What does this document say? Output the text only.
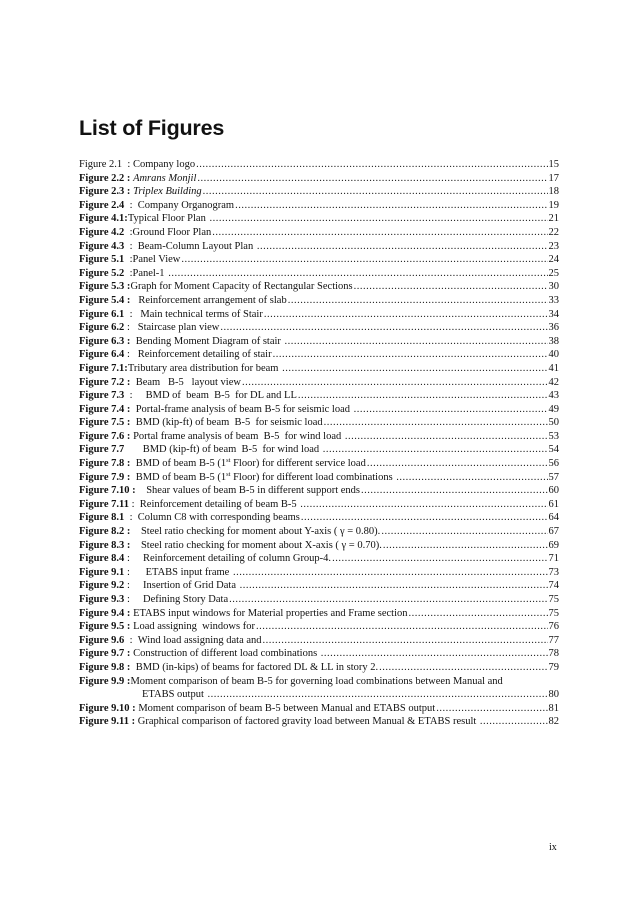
List of Figures
Figure 2.1  : Company logo .....	15
Figure 2.2 : Amrans Monjil .....	17
Figure 2.3 : Triplex Building .....	18
Figure 2.4  : Company Organogram .....	19
Figure 4.1: Typical Floor Plan .....	21
Figure 4.2  : Ground Floor Plan .....	22
Figure 4.3  : Beam-Column Layout Plan .....	23
Figure 5.1  : Panel View .....	24
Figure 5.2  : Panel-1 .....	25
Figure 5.3 : Graph for Moment Capacity of Rectangular Sections .....	30
Figure 5.4 : Reinforcement arrangement of slab .....	33
Figure 6.1  : Main technical terms of Stair .....	34
Figure 6.2 : Staircase plan view .....	36
Figure 6.3 : Bending Moment Diagram of stair .....	38
Figure 6.4 : Reinforcement detailing of stair .....	40
Figure 7.1: Tributary area distribution for beam .....	41
Figure 7.2 : Beam   B-5   layout view .....	42
Figure 7.3  : BMD of  beam  B-5  for DL and LL .....	43
Figure 7.4 : Portal-frame analysis of beam B-5 for seismic load .....	49
Figure 7.5 : BMD (kip-ft) of beam  B-5  for seismic load .....	50
Figure 7.6 : Portal frame analysis of beam  B-5  for wind load .....	53
Figure 7.7	BMD (kip-ft) of beam  B-5  for wind load .....	54
Figure 7.8 : BMD of beam B-5 (1st Floor) for different service load .....	56
Figure 7.9 : BMD of beam B-5 (1st Floor) for different load combinations .....	57
Figure 7.10 :	Shear values of beam B-5 in different support ends .....	60
Figure 7.11 : Reinforcement detailing of beam B-5 .....	61
Figure 8.1  : Column C8 with corresponding beams .....	64
Figure 8.2 :	Steel ratio checking for moment about Y-axis ( γ = 0.80). .....	67
Figure 8.3 :	Steel ratio checking for moment about X-axis ( γ = 0.70). .....	69
Figure 8.4 : Reinforcement detailing of column Group-4. .....	71
Figure 9.1 : ETABS input frame .....	73
Figure 9.2 : Insertion of Grid Data .....	74
Figure 9.3 : Defining Story Data .....	75
Figure 9.4 : ETABS input windows for Material properties and Frame section .....	75
Figure 9.5 : Load assigning  windows for .....	76
Figure 9.6  : Wind load assigning data and .....	77
Figure 9.7 : Construction of different load combinations .....	78
Figure 9.8 : BMD (in-kips) of beams for factored DL & LL in story 2. .....	79
Figure 9.9 : Moment comparison of beam B-5 for governing load combinations between Manual and
ETABS output .....	80
Figure 9.10 : Moment comparison of beam B-5 between Manual and ETABS output .....	81
Figure 9.11 : Graphical comparison of factored gravity load between Manual & ETABS result .....	82

ix
